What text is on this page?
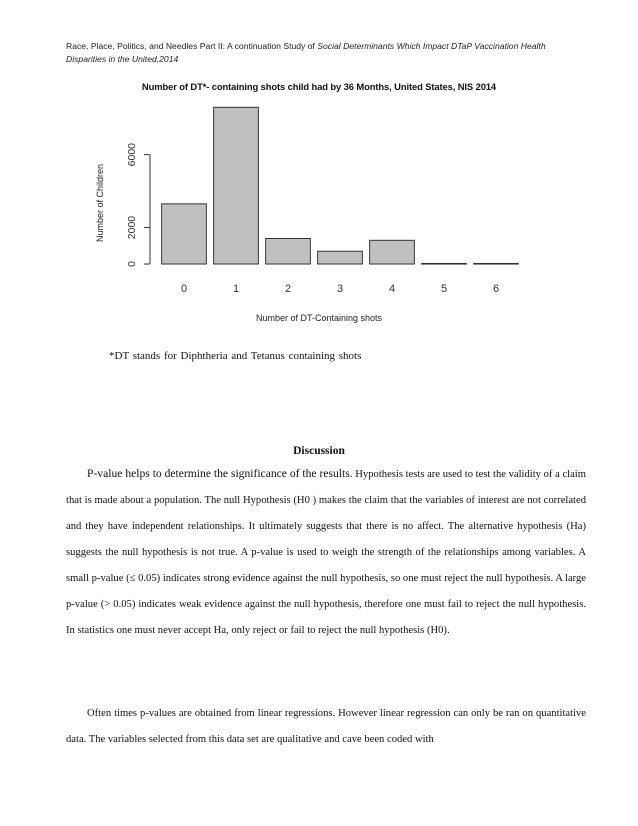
Race, Place, Politics, and Needles Part II: A continuation Study of Social Determinants Which Impact DTaP Vaccination Health Disparities in the United,2014
Number of DT*- containing shots child had by 36 Months, United States, NIS 2014
0
2000
6000
0	1	2	3	4	5	6
Number of Children
Number of DT-Containing shots
*DT stands for Diphtheria and Tetanus containing shots
Discussion
P-value helps to determine the significance of the results. Hypothesis tests are used to test the validity of a claim that is made about a population. The null Hypothesis (H0 ) makes the claim that the variables of interest are not correlated and they have independent relationships. It ultimately suggests that there is no affect. The alternative hypothesis (Ha) suggests the null hypothesis is not true. A p-value is used to weigh the strength of the relationships among variables. A small p-value (≤ 0.05) indicates strong evidence against the null hypothesis, so one must reject the null hypothesis. A large p-value (> 0.05) indicates weak evidence against the null hypothesis, therefore one must fail to reject the null hypothesis. In statistics one must never accept Ha, only reject or fail to reject the null hypothesis (H0).
Often times p-values are obtained from linear regressions. However linear regression can only be ran on quantitative data. The variables selected from this data set are qualitative and cave been coded with
